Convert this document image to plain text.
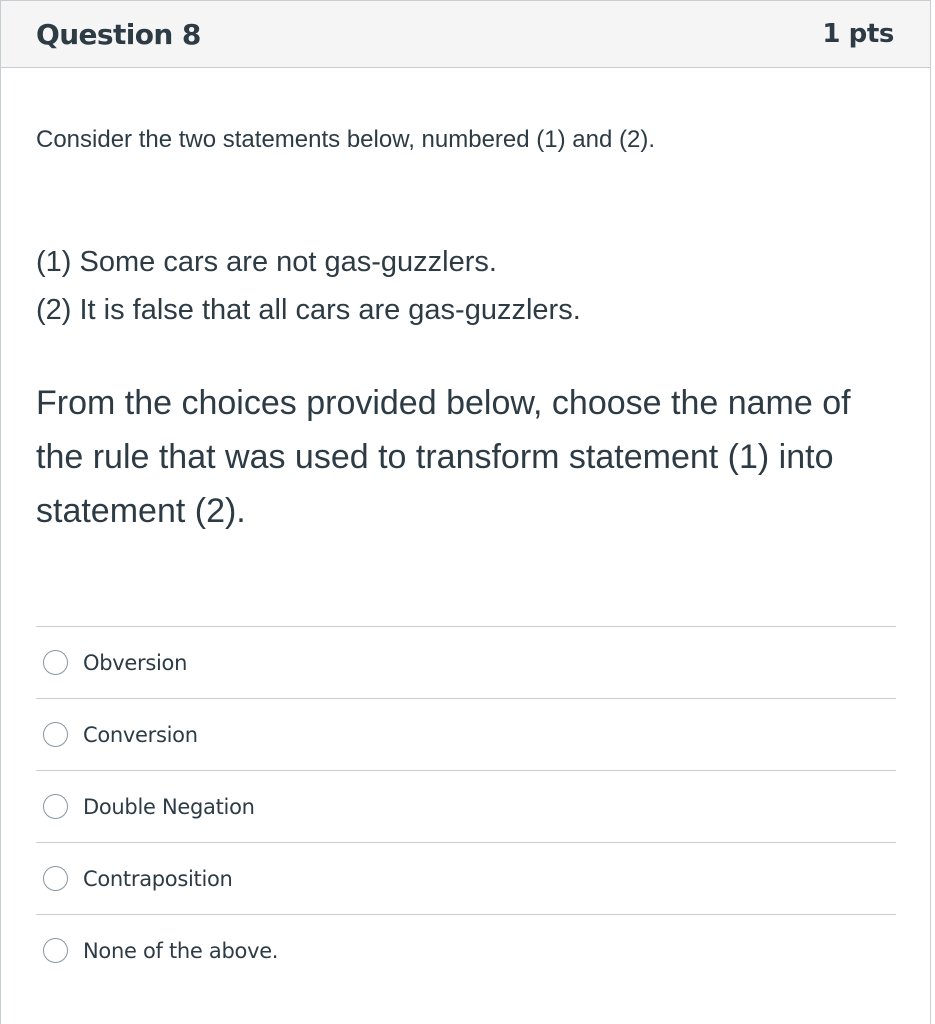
Question 8	1 pts

Consider the two statements below, numbered (1) and (2).

(1) Some cars are not gas-guzzlers.
(2) It is false that all cars are gas-guzzlers.
From the choices provided below, choose the name of the rule that was used to transform statement (1) into statement (2).
Obversion
Conversion
Double Negation
Contraposition
None of the above.
